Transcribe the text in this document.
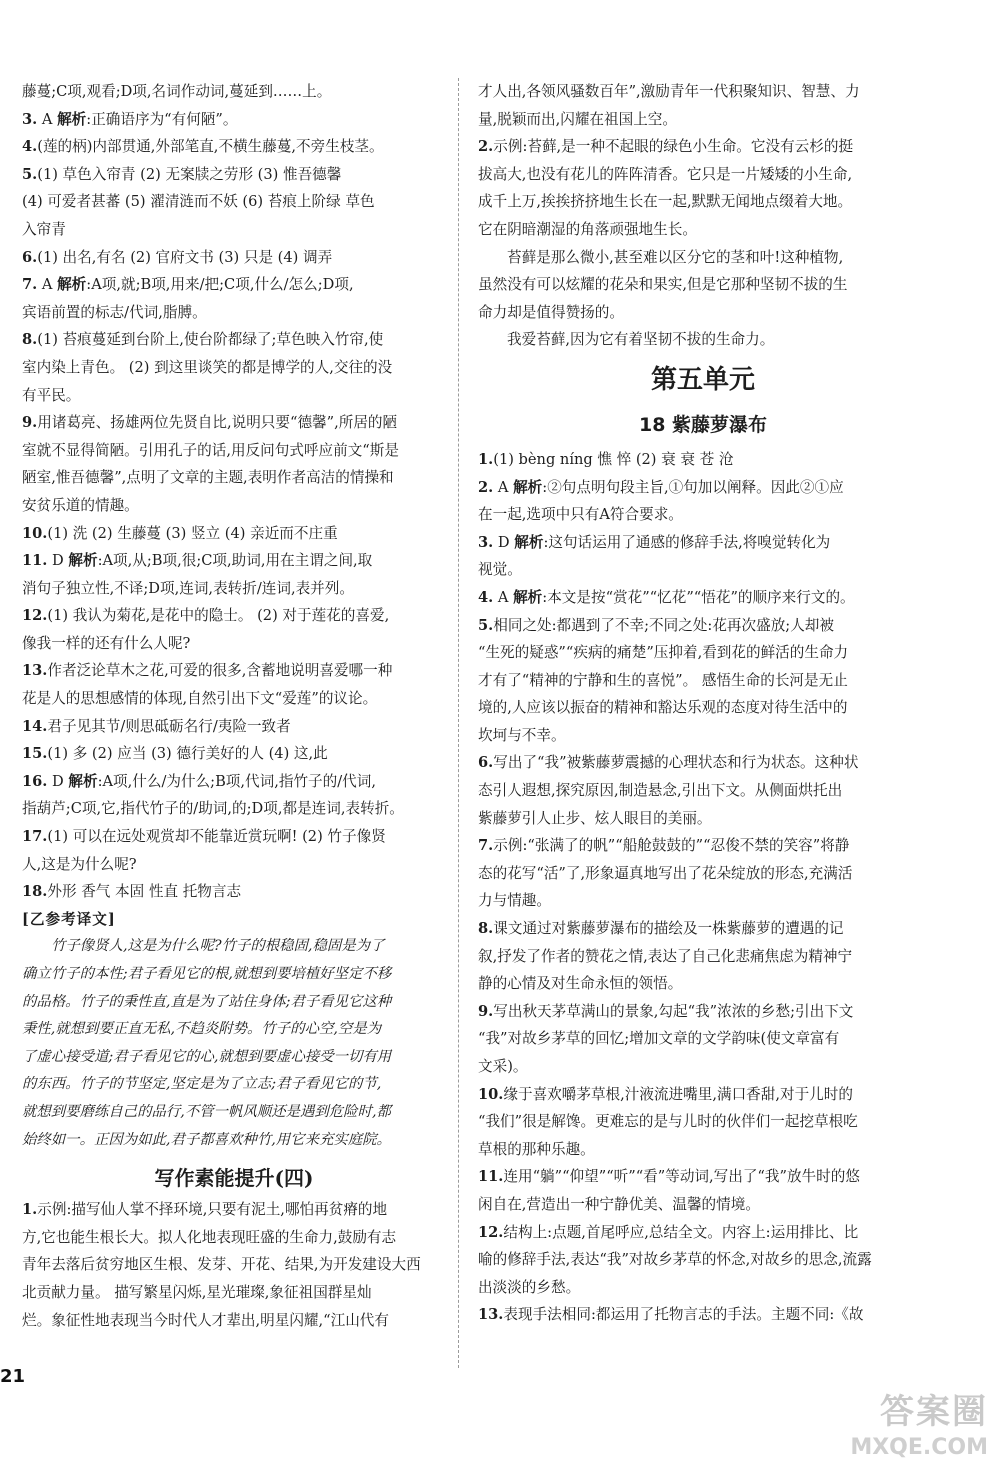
藤蔓;C项,观看;D项,名词作动词,蔓延到……上。
3. A 解析:正确语序为“有何陋”。
4.(莲的柄)内部贯通,外部笔直,不横生藤蔓,不旁生枝茎。
5.(1) 草色入帘青 (2) 无案牍之劳形 (3) 惟吾德馨
(4) 可爱者甚蕃 (5) 濯清涟而不妖 (6) 苔痕上阶绿 草色
入帘青
6.(1) 出名,有名 (2) 官府文书 (3) 只是 (4) 调弄
7. A 解析:A项,就;B项,用来/把;C项,什么/怎么;D项,
宾语前置的标志/代词,脂膊。
8.(1) 苔痕蔓延到台阶上,使台阶都绿了;草色映入竹帘,使
室内染上青色。 (2) 到这里谈笑的都是博学的人,交往的没
有平民。
9.用诸葛亮、扬雄两位先贤自比,说明只要“德馨”,所居的陋
室就不显得简陋。引用孔子的话,用反问句式呼应前文“斯是
陋室,惟吾德馨”,点明了文章的主题,表明作者高洁的情操和
安贫乐道的情趣。
10.(1) 洗 (2) 生藤蔓 (3) 竖立 (4) 亲近而不庄重
11. D 解析:A项,从;B项,很;C项,助词,用在主谓之间,取
消句子独立性,不译;D项,连词,表转折/连词,表并列。
12.(1) 我认为菊花,是花中的隐士。 (2) 对于莲花的喜爱,
像我一样的还有什么人呢?
13.作者泛论草木之花,可爱的很多,含蓄地说明喜爱哪一种
花是人的思想感情的体现,自然引出下文“爱莲”的议论。
14.君子见其节/则思砥砺名行/夷险一致者
15.(1) 多 (2) 应当 (3) 德行美好的人 (4) 这,此
16. D 解析:A项,什么/为什么;B项,代词,指竹子的/代词,
指葫芦;C项,它,指代竹子的/助词,的;D项,都是连词,表转折。
17.(1) 可以在远处观赏却不能靠近赏玩啊! (2) 竹子像贤
人,这是为什么呢?
18.外形 香气 本固 性直 托物言志
[乙参考译文]
竹子像贤人,这是为什么呢?竹子的根稳固,稳固是为了
确立竹子的本性;君子看见它的根,就想到要培植好坚定不移
的品格。竹子的秉性直,直是为了站住身体;君子看见它这种
秉性,就想到要正直无私,不趋炎附势。竹子的心空,空是为
了虚心接受道;君子看见它的心,就想到要虚心接受一切有用
的东西。竹子的节坚定,坚定是为了立志;君子看见它的节,
就想到要磨练自己的品行,不管一帆风顺还是遇到危险时,都
始终如一。正因为如此,君子都喜欢种竹,用它来充实庭院。
写作素能提升(四)
1.示例:描写仙人掌不择环境,只要有泥土,哪怕再贫瘠的地
方,它也能生根长大。拟人化地表现旺盛的生命力,鼓励有志
青年去落后贫穷地区生根、发芽、开花、结果,为开发建设大西
北贡献力量。 描写繁星闪烁,星光璀璨,象征祖国群星灿
烂。象征性地表现当今时代人才辈出,明星闪耀,“江山代有
才人出,各领风骚数百年”,激励青年一代积聚知识、智慧、力
量,脱颖而出,闪耀在祖国上空。
2.示例:苔藓,是一种不起眼的绿色小生命。它没有云杉的挺
拔高大,也没有花儿的阵阵清香。它只是一片矮矮的小生命,
成千上万,挨挨挤挤地生长在一起,默默无闻地点缀着大地。
它在阴暗潮湿的角落顽强地生长。
苔藓是那么微小,甚至难以区分它的茎和叶!这种植物,
虽然没有可以炫耀的花朵和果实,但是它那种坚韧不拔的生
命力却是值得赞扬的。
我爱苔藓,因为它有着坚韧不拔的生命力。
第五单元
18 紫藤萝瀑布
1.(1) bèng níng 憔 悴 (2) 衰 衰 苍 沧
2. A 解析:②句点明句段主旨,①句加以阐释。因此②①应
在一起,选项中只有A符合要求。
3. D 解析:这句话运用了通感的修辞手法,将嗅觉转化为
视觉。
4. A 解析:本文是按“赏花”“忆花”“悟花”的顺序来行文的。
5.相同之处:都遇到了不幸;不同之处:花再次盛放;人却被
“生死的疑惑”“疾病的痛楚”压抑着,看到花的鲜活的生命力
才有了“精神的宁静和生的喜悦”。 感悟生命的长河是无止
境的,人应该以振奋的精神和豁达乐观的态度对待生活中的
坎坷与不幸。
6.写出了“我”被紫藤萝震撼的心理状态和行为状态。这种状
态引人遐想,探究原因,制造悬念,引出下文。从侧面烘托出
紫藤萝引人止步、炫人眼目的美丽。
7.示例:“张满了的帆”“船舱鼓鼓的”“忍俊不禁的笑容”将静
态的花写“活”了,形象逼真地写出了花朵绽放的形态,充满活
力与情趣。
8.课文通过对紫藤萝瀑布的描绘及一株紫藤萝的遭遇的记
叙,抒发了作者的赞花之情,表达了自己化悲痛焦虑为精神宁
静的心情及对生命永恒的领悟。
9.写出秋天茅草满山的景象,勾起“我”浓浓的乡愁;引出下文
“我”对故乡茅草的回忆;增加文章的文学韵味(使文章富有
文采)。
10.缘于喜欢嚼茅草根,汁液流进嘴里,满口香甜,对于儿时的
“我们”很是解馋。更难忘的是与儿时的伙伴们一起挖草根吃
草根的那种乐趣。
11.连用“躺”“仰望”“听”“看”等动词,写出了“我”放牛时的悠
闲自在,营造出一种宁静优美、温馨的情境。
12.结构上:点题,首尾呼应,总结全文。内容上:运用排比、比
喻的修辞手法,表达“我”对故乡茅草的怀念,对故乡的思念,流露
出淡淡的乡愁。
13.表现手法相同:都运用了托物言志的手法。主题不同:《故
21
答案圈
MXQE.COM
